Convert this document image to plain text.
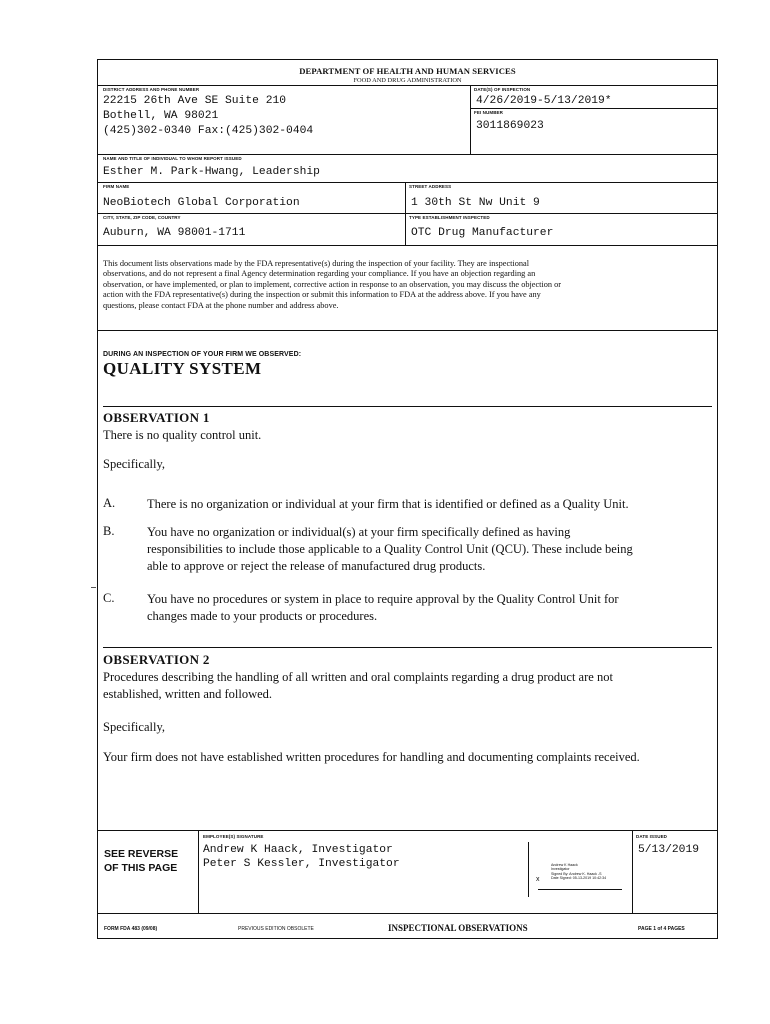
DEPARTMENT OF HEALTH AND HUMAN SERVICES
FOOD AND DRUG ADMINISTRATION
DISTRICT ADDRESS AND PHONE NUMBER
22215 26th Ave SE Suite 210
Bothell, WA 98021
(425)302-0340 Fax:(425)302-0404
DATE(S) OF INSPECTION
4/26/2019-5/13/2019*
FEI NUMBER
3011869023
NAME AND TITLE OF INDIVIDUAL TO WHOM REPORT ISSUED
Esther M. Park-Hwang, Leadership
FIRM NAME
NeoBiotech Global Corporation
STREET ADDRESS
1 30th St Nw Unit 9
CITY, STATE, ZIP CODE, COUNTRY
Auburn, WA 98001-1711
TYPE ESTABLISHMENT INSPECTED
OTC Drug Manufacturer
This document lists observations made by the FDA representative(s) during the inspection of your facility. They are inspectional
observations, and do not represent a final Agency determination regarding your compliance. If you have an objection regarding an
observation, or have implemented, or plan to implement, corrective action in response to an observation, you may discuss the objection or
action with the FDA representative(s) during the inspection or submit this information to FDA at the address above. If you have any
questions, please contact FDA at the phone number and address above.
DURING AN INSPECTION OF YOUR FIRM WE OBSERVED:
QUALITY SYSTEM
OBSERVATION 1
There is no quality control unit.
Specifically,
A.	There is no organization or individual at your firm that is identified or defined as a Quality Unit.
B.	You have no organization or individual(s) at your firm specifically defined as having
responsibilities to include those applicable to a Quality Control Unit (QCU). These include being
able to approve or reject the release of manufactured drug products.
C.	You have no procedures or system in place to require approval by the Quality Control Unit for
changes made to your products or procedures.
OBSERVATION 2
Procedures describing the handling of all written and oral complaints regarding a drug product are not
established, written and followed.
Specifically,
Your firm does not have established written procedures for handling and documenting complaints received.
SEE REVERSE
OF THIS PAGE
EMPLOYEE(S) SIGNATURE
Andrew K Haack, Investigator
Peter S Kessler, Investigator
x
Andrew K Haack
Investigator
Signed By: Andrew K. Haack -S
Date Signed: 05-13-2019 10:42:34
DATE ISSUED
5/13/2019
FORM FDA 483 (09/08)	PREVIOUS EDITION OBSOLETE	INSPECTIONAL OBSERVATIONS	PAGE 1 of 4 PAGES
